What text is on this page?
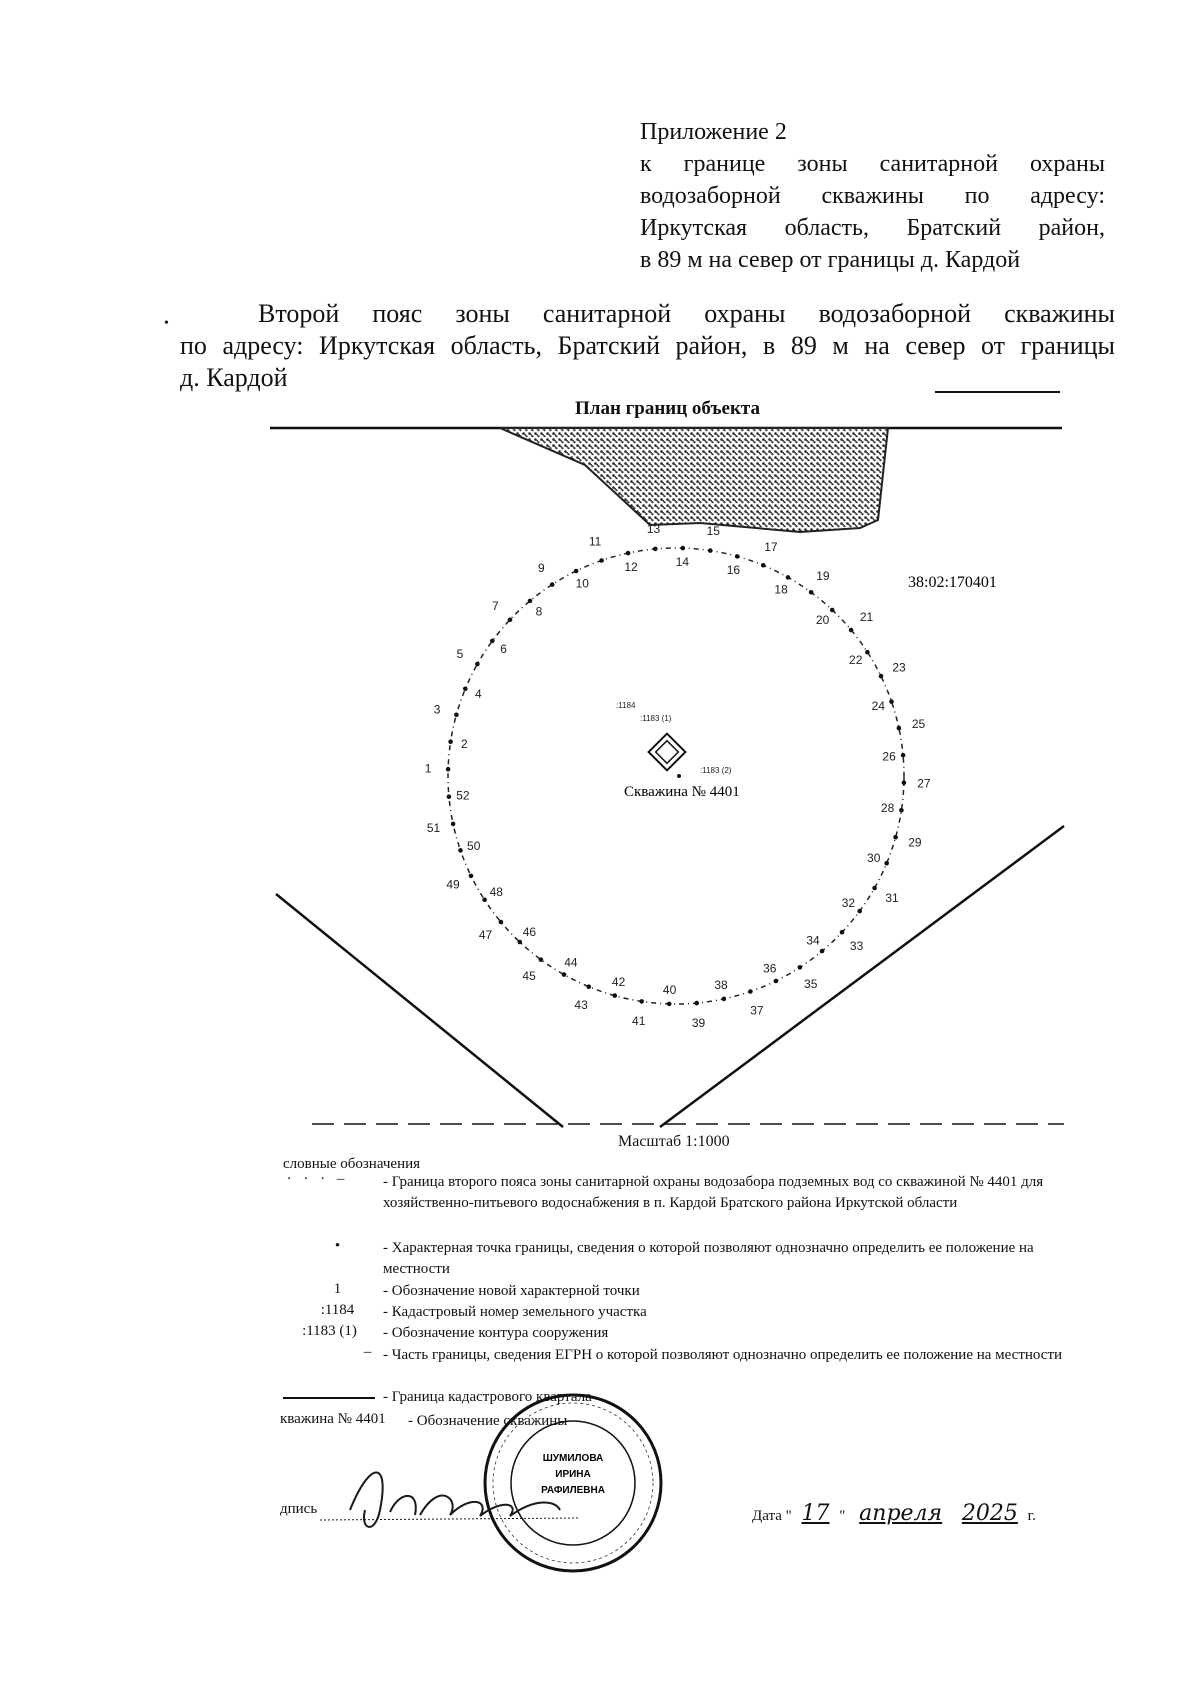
Приложение 2
к границе зоны санитарной охраны
водозаборной скважины по адресу:
Иркутская область, Братский район,
в 89 м на север от границы д. Кардой
•	Второй пояс зоны санитарной охраны водозаборной скважины
по адресу: Иркутская область, Братский район, в 89 м на север от границы
д. Кардой
План границ объекта
1
2
3
4
5	6
7	8
9
10
11
12
13
14
15
16
17
18
19
20	21
22
23
24
25
26
27
28
29
30
31
32
33
34
35
36
37
38
39
40
41
42
43
44
45
46
47
48
49
50
51
52
:1184
:1183 (1)
:1183 (2)
Скважина № 4401
38:02:170401
Масштаб 1:1000
словные обозначения
· · · –	- Граница второго пояса зоны санитарной охраны водозабора подземных вод со скважиной № 4401 для хозяйственно-питьевого водоснабжения в п. Кардой Братского района Иркутской области
•	- Характерная точка границы, сведения о которой позволяют однозначно определить ее положение на местности
1	- Обозначение новой характерной точки
:1184	- Кадастровый номер земельного участка
:1183 (1)	- Обозначение контура сооружения
– - Часть границы, сведения ЕГРН о которой позволяют однозначно определить ее положение на местности
- Граница кадастрового квартала
кважина № 4401 - Обозначение скважины
дпись
ШУМИЛОВА
ИРИНА
РАФИЛЕВНА
Дата " 17 " апреля 2025 г.
